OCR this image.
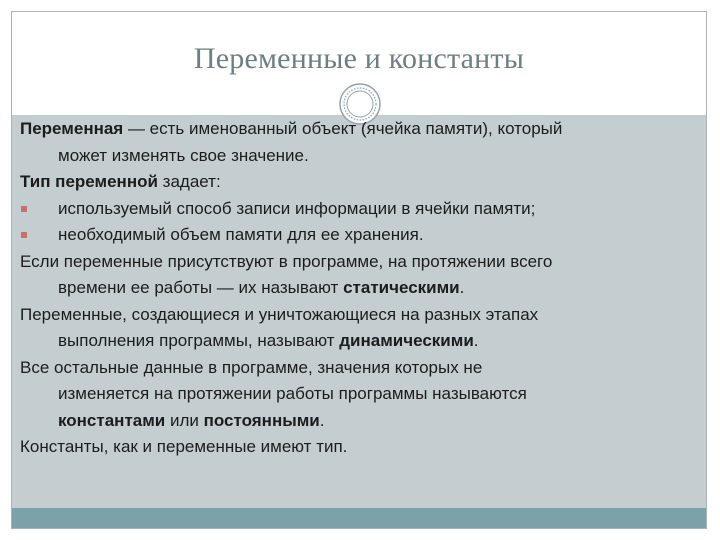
Переменные и константы

Переменная — есть именованный объект (ячейка памяти), который

может изменять свое значение.

Тип переменной задает:

используемый способ записи информации в ячейки памяти;
необходимый объем памяти для ее хранения.

Если переменные присутствуют в программе, на протяжении всего

времени ее работы — их называют статическими.

Переменные, создающиеся и уничтожающиеся на разных этапах

выполнения программы, называют динамическими.

Все остальные данные в программе, значения которых не

изменяется на протяжении работы программы называются

константами или постоянными.

Константы, как и переменные имеют тип.
